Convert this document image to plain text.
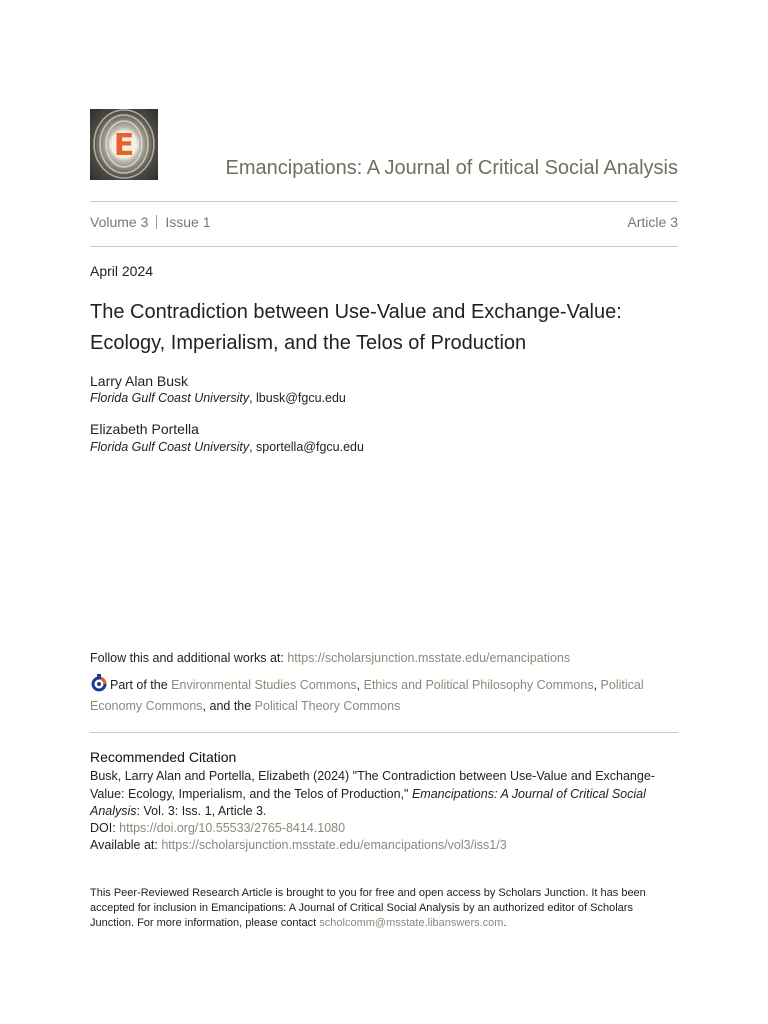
E
Emancipations: A Journal of Critical Social Analysis
Volume 3 Issue 1	Article 3
April 2024
The Contradiction between Use-Value and Exchange-Value:
Ecology, Imperialism, and the Telos of Production
Larry Alan Busk
Florida Gulf Coast University, lbusk@fgcu.edu
Elizabeth Portella
Florida Gulf Coast University, sportella@fgcu.edu
Follow this and additional works at: https://scholarsjunction.msstate.edu/emancipations
Part of the Environmental Studies Commons, Ethics and Political Philosophy Commons, Political Economy Commons, and the Political Theory Commons
Recommended Citation
Busk, Larry Alan and Portella, Elizabeth (2024) "The Contradiction between Use-Value and Exchange-
Value: Ecology, Imperialism, and the Telos of Production," Emancipations: A Journal of Critical Social
Analysis: Vol. 3: Iss. 1, Article 3.
DOI: https://doi.org/10.55533/2765-8414.1080
Available at: https://scholarsjunction.msstate.edu/emancipations/vol3/iss1/3
This Peer-Reviewed Research Article is brought to you for free and open access by Scholars Junction. It has been
accepted for inclusion in Emancipations: A Journal of Critical Social Analysis by an authorized editor of Scholars
Junction. For more information, please contact scholcomm@msstate.libanswers.com.
